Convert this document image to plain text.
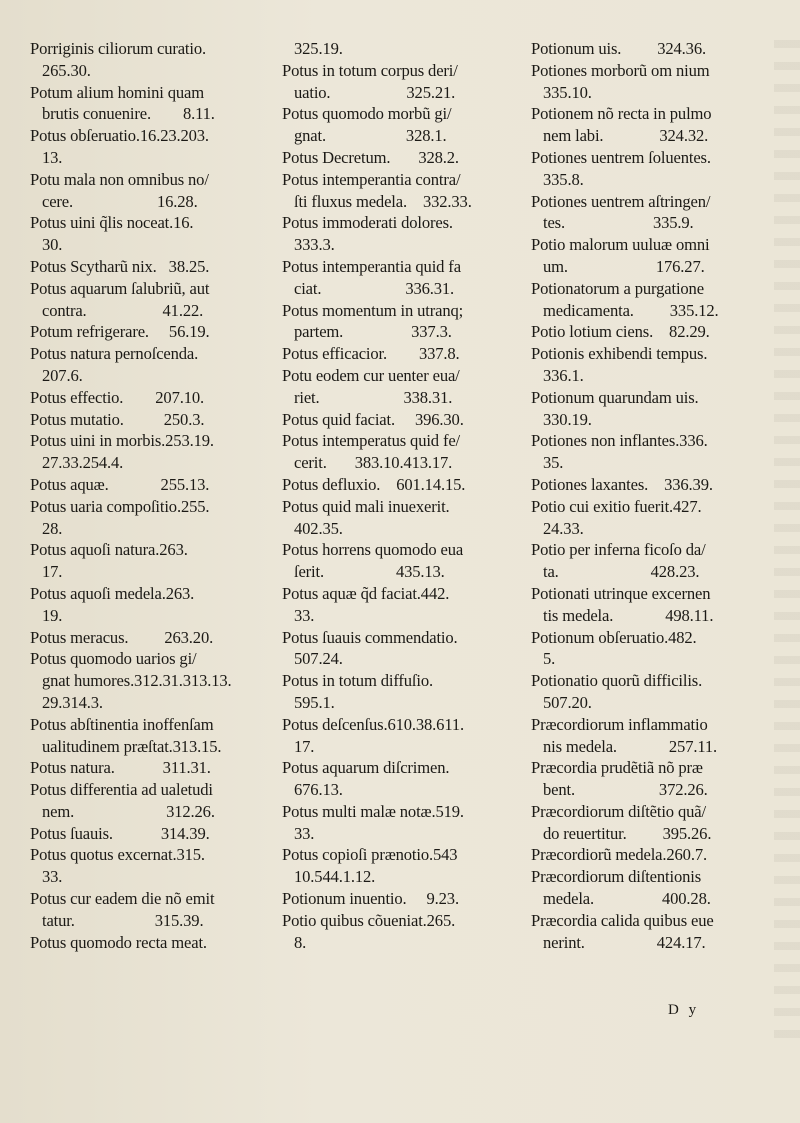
Porriginis ciliorum curatio.
265.30.
Potum alium homini quam
brutis conuenire.        8.11.
Potus obſeruatio.16.23.203.
13.
Potu mala non omnibus no/
cere.                     16.28.
Potus uini q̃lis noceat.16.
30.
Potus Scytharũ nix.   38.25.
Potus aquarum ſalubriũ, aut
contra.                   41.22.
Potum refrigerare.     56.19.
Potus natura pernoſcenda.
207.6.
Potus effectio.        207.10.
Potus mutatio.          250.3.
Potus uini in morbis.253.19.
27.33.254.4.
Potus aquæ.             255.13.
Potus uaria compoſitio.255.
28.
Potus aquoſi natura.263.
17.
Potus aquoſi medela.263.
19.
Potus meracus.         263.20.
Potus quomodo uarios gi/
gnat humores.312.31.313.13.
29.314.3.
Potus abſtinentia inoffenſam
ualitudinem præſtat.313.15.
Potus natura.            311.31.
Potus differentia ad ualetudi
nem.                       312.26.
Potus ſuauis.            314.39.
Potus quotus excernat.315.
33.
Potus cur eadem die nõ emit
tatur.                    315.39.
Potus quomodo recta meat.
325.19.
Potus in totum corpus deri/
uatio.                   325.21.
Potus quomodo morbũ gi/
gnat.                    328.1.
Potus Decretum.       328.2.
Potus intemperantia contra/
ſti fluxus medela.    332.33.
Potus immoderati dolores.
333.3.
Potus intemperantia quid fa
ciat.                     336.31.
Potus momentum in utranq;
partem.                 337.3.
Potus efficacior.        337.8.
Potu eodem cur uenter eua/
riet.                     338.31.
Potus quid faciat.     396.30.
Potus intemperatus quid fe/
cerit.       383.10.413.17.
Potus defluxio.    601.14.15.
Potus quid mali inuexerit.
402.35.
Potus horrens quomodo eua
ſerit.                  435.13.
Potus aquæ q̃d faciat.442.
33.
Potus ſuauis commendatio.
507.24.
Potus in totum diffuſio.
595.1.
Potus deſcenſus.610.38.611.
17.
Potus aquarum diſcrimen.
676.13.
Potus multi malæ notæ.519.
33.
Potus copioſi prænotio.543
10.544.1.12.
Potionum inuentio.     9.23.
Potio quibus cõueniat.265.
8.
Potionum uis.         324.36.
Potiones morborũ om nium
335.10.
Potionem nõ recta in pulmo
nem labi.              324.32.
Potiones uentrem ſoluentes.
335.8.
Potiones uentrem aſtringen/
tes.                      335.9.
Potio malorum uuluæ omni
um.                      176.27.
Potionatorum a purgatione
medicamenta.         335.12.
Potio lotium ciens.    82.29.
Potionis exhibendi tempus.
336.1.
Potionum quarundam uis.
330.19.
Potiones non inflantes.336.
35.
Potiones laxantes.    336.39.
Potio cui exitio fuerit.427.
24.33.
Potio per inferna ficoſo da/
ta.                       428.23.
Potionati utrinque excernen
tis medela.             498.11.
Potionum obſeruatio.482.
5.
Potionatio quorũ difficilis.
507.20.
Præcordiorum inflammatio
nis medela.             257.11.
Præcordia prudẽtiã nõ præ
bent.                     372.26.
Præcordiorum diſtẽtio quã/
do reuertitur.         395.26.
Præcordiorũ medela.260.7.
Præcordiorum diſtentionis
medela.                 400.28.
Præcordia calida quibus eue
nerint.                  424.17.
D y
